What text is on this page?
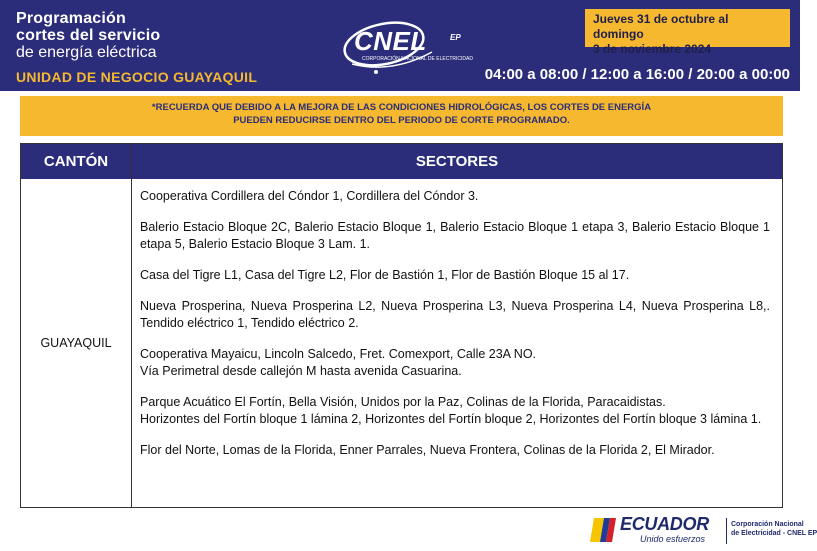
Programación
cortes del servicio
de energía eléctrica
UNIDAD DE NEGOCIO GUAYAQUIL
CNEL	EP
CORPORACIÓN NACIONAL DE ELECTRICIDAD
Jueves 31 de octubre al domingo
3 de noviembre 2024
04:00 a 08:00 / 12:00 a 16:00 / 20:00 a 00:00
*RECUERDA QUE DEBIDO A LA MEJORA DE LAS CONDICIONES HIDROLÓGICAS, LOS CORTES DE ENERGÍA
PUEDEN REDUCIRSE DENTRO DEL PERIODO DE CORTE PROGRAMADO.
CANTÓN	SECTORES
GUAYAQUIL

Cooperativa Cordillera del Cóndor 1, Cordillera del Cóndor 3.

Balerio Estacio Bloque 2C, Balerio Estacio Bloque 1, Balerio Estacio Bloque 1 etapa 3, Balerio Estacio Bloque 1 etapa 5, Balerio Estacio Bloque 3 Lam. 1.

Casa del Tigre L1, Casa del Tigre L2, Flor de Bastión 1, Flor de Bastión Bloque 15 al 17.

Nueva Prosperina, Nueva Prosperina L2, Nueva Prosperina L3, Nueva Prosperina L4, Nueva Prosperina L8,. Tendido eléctrico 1, Tendido eléctrico 2.

Cooperativa Mayaicu, Lincoln Salcedo, Fret. Comexport, Calle 23A NO.
Vía Perimetral desde callejón M hasta avenida Casuarina.

Parque Acuático El Fortín, Bella Visión, Unidos por la Paz, Colinas de la Florida, Paracaidistas.
Horizontes del Fortín bloque 1 lámina 2, Horizontes del Fortín bloque 2, Horizontes del Fortín bloque 3 lámina 1.

Flor del Norte, Lomas de la Florida, Enner Parrales, Nueva Frontera, Colinas de la Florida 2, El Mirador.

ECUADOR
Unido esfuerzos
Corporación Nacional
de Electricidad - CNEL EP
